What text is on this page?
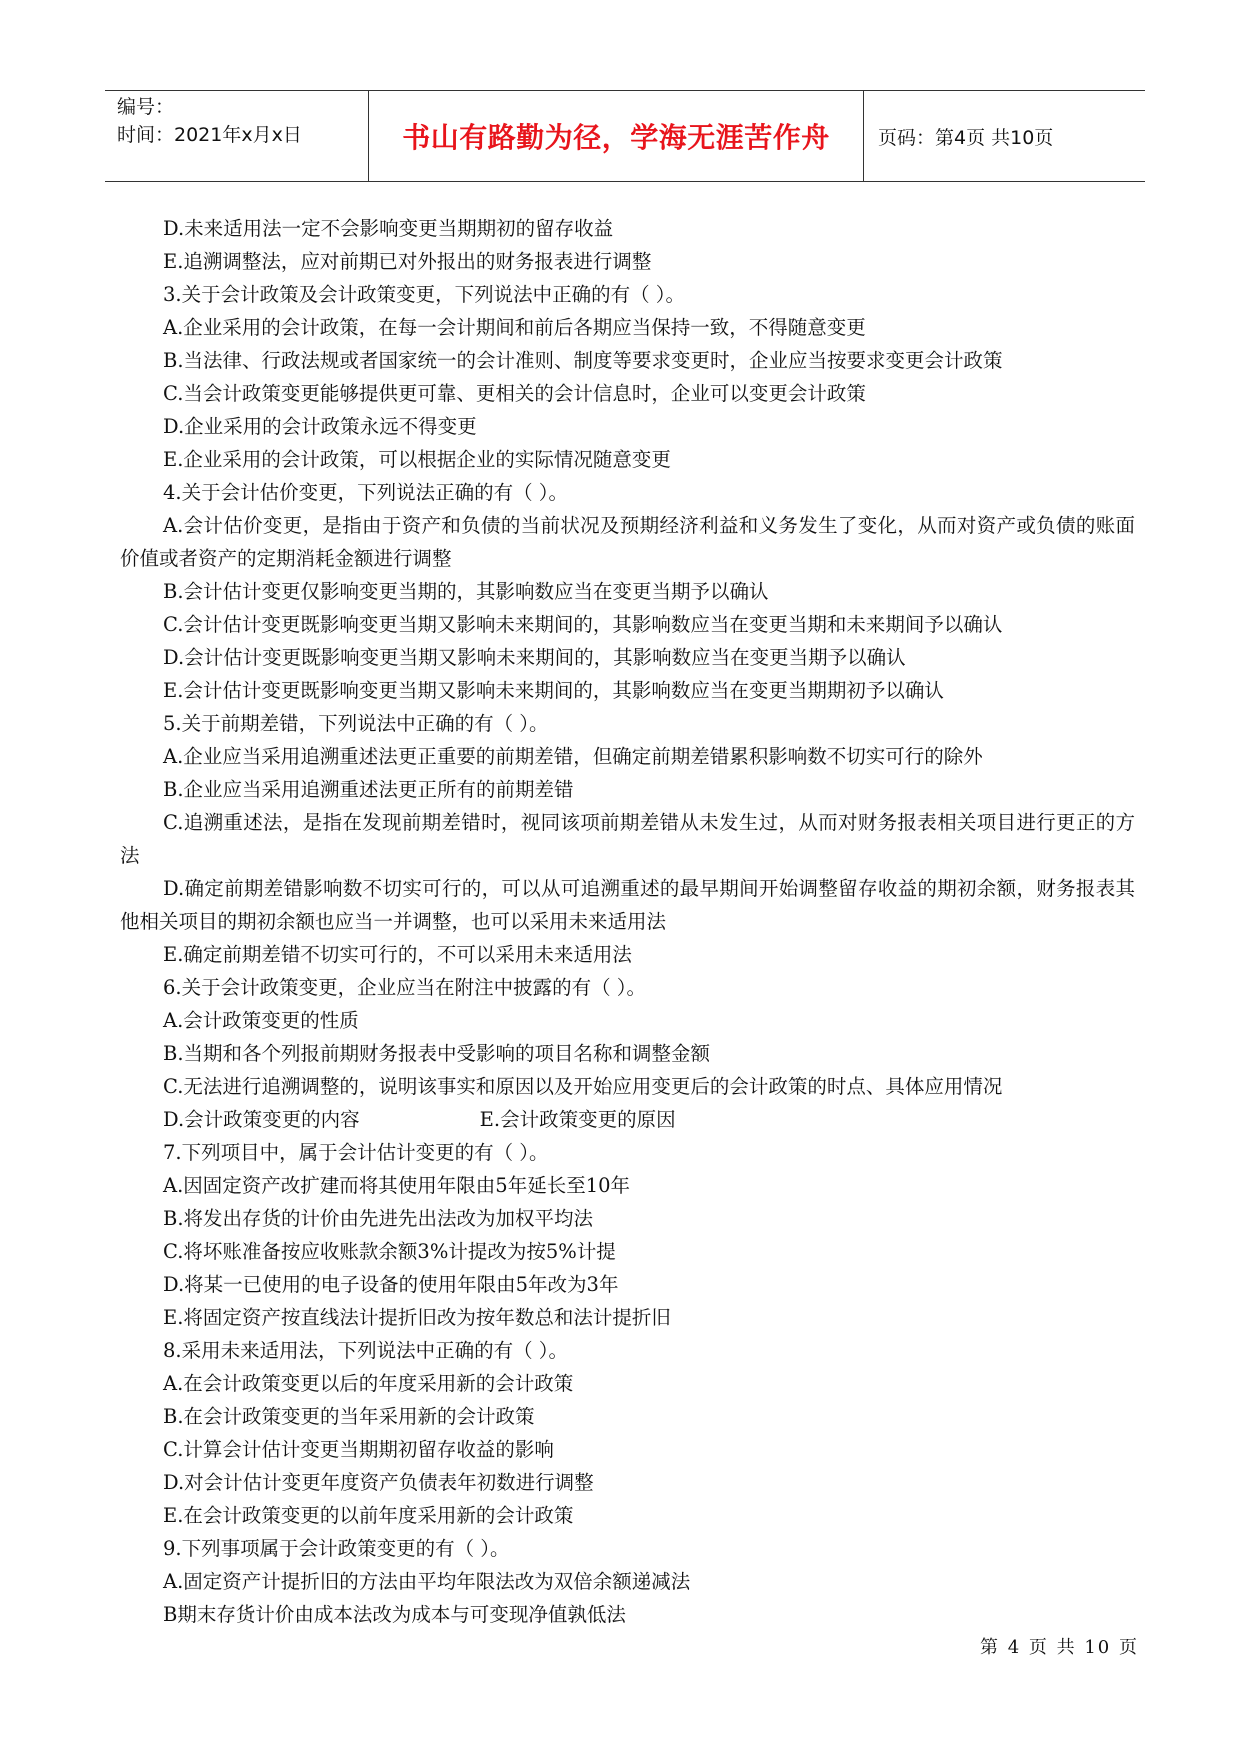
编号：
时间：2021年x月x日	书山有路勤为径，学海无涯苦作舟	页码：第4页 共10页

D.未来适用法一定不会影响变更当期期初的留存收益

E.追溯调整法，应对前期已对外报出的财务报表进行调整

3.关于会计政策及会计政策变更，下列说法中正确的有（ ）。

A.企业采用的会计政策，在每一会计期间和前后各期应当保持一致，不得随意变更

B.当法律、行政法规或者国家统一的会计准则、制度等要求变更时，企业应当按要求变更会计政策

C.当会计政策变更能够提供更可靠、更相关的会计信息时，企业可以变更会计政策

D.企业采用的会计政策永远不得变更

E.企业采用的会计政策，可以根据企业的实际情况随意变更

4.关于会计估价变更，下列说法正确的有（ ）。

A.会计估价变更，是指由于资产和负债的当前状况及预期经济利益和义务发生了变化，从而对资产或负债的账面价值或者资产的定期消耗金额进行调整

B.会计估计变更仅影响变更当期的，其影响数应当在变更当期予以确认

C.会计估计变更既影响变更当期又影响未来期间的，其影响数应当在变更当期和未来期间予以确认

D.会计估计变更既影响变更当期又影响未来期间的，其影响数应当在变更当期予以确认

E.会计估计变更既影响变更当期又影响未来期间的，其影响数应当在变更当期期初予以确认

5.关于前期差错，下列说法中正确的有（ ）。

A.企业应当采用追溯重述法更正重要的前期差错，但确定前期差错累积影响数不切实可行的除外

B.企业应当采用追溯重述法更正所有的前期差错

C.追溯重述法，是指在发现前期差错时，视同该项前期差错从未发生过，从而对财务报表相关项目进行更正的方法

D.确定前期差错影响数不切实可行的，可以从可追溯重述的最早期间开始调整留存收益的期初余额，财务报表其他相关项目的期初余额也应当一并调整，也可以采用未来适用法

E.确定前期差错不切实可行的，不可以采用未来适用法

6.关于会计政策变更，企业应当在附注中披露的有（ ）。

A.会计政策变更的性质

B.当期和各个列报前期财务报表中受影响的项目名称和调整金额

C.无法进行追溯调整的，说明该事实和原因以及开始应用变更后的会计政策的时点、具体应用情况

D.会计政策变更的内容	E.会计政策变更的原因

7.下列项目中，属于会计估计变更的有（ ）。

A.因固定资产改扩建而将其使用年限由5年延长至10年

B.将发出存货的计价由先进先出法改为加权平均法

C.将坏账准备按应收账款余额3%计提改为按5%计提

D.将某一已使用的电子设备的使用年限由5年改为3年

E.将固定资产按直线法计提折旧改为按年数总和法计提折旧

8.采用未来适用法，下列说法中正确的有（ ）。

A.在会计政策变更以后的年度采用新的会计政策

B.在会计政策变更的当年采用新的会计政策

C.计算会计估计变更当期期初留存收益的影响

D.对会计估计变更年度资产负债表年初数进行调整

E.在会计政策变更的以前年度采用新的会计政策

9.下列事项属于会计政策变更的有（ ）。

A.固定资产计提折旧的方法由平均年限法改为双倍余额递减法

B期末存货计价由成本法改为成本与可变现净值孰低法

第 4 页 共 10 页
